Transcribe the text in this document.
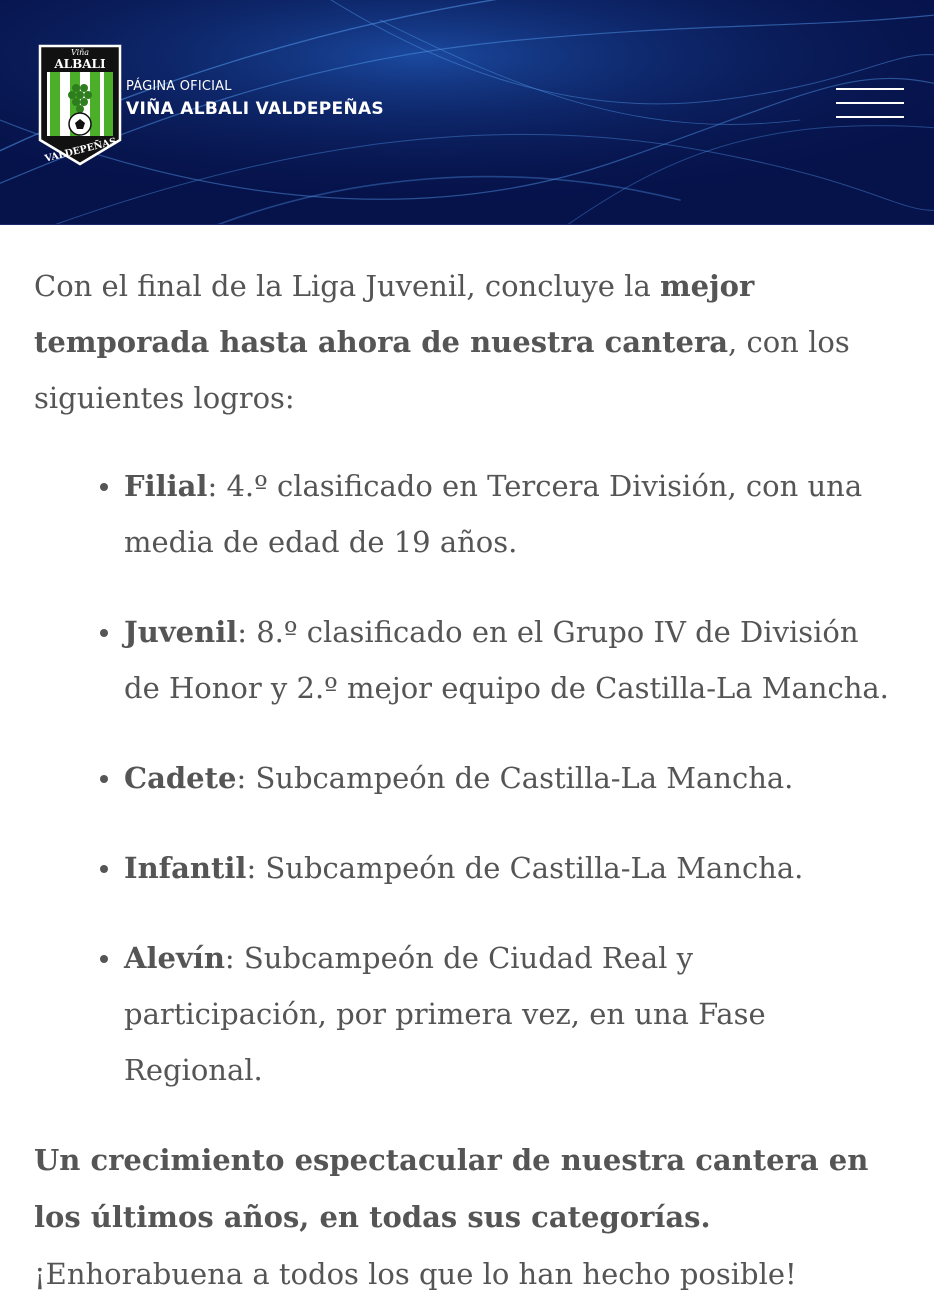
Viña
ALBALI
VALDEPEÑAS
PÁGINA OFICIAL
VIÑA ALBALI VALDEPEÑAS

Con el final de la Liga Juvenil, concluye la mejor temporada hasta ahora de nuestra cantera, con los siguientes logros:

Filial: 4.º clasificado en Tercera División, con una media de edad de 19 años.
Juvenil: 8.º clasificado en el Grupo IV de División de Honor y 2.º mejor equipo de Castilla-La Mancha.
Cadete: Subcampeón de Castilla-La Mancha.
Infantil: Subcampeón de Castilla-La Mancha.
Alevín: Subcampeón de Ciudad Real y participación, por primera vez, en una Fase Regional.

Un crecimiento espectacular de nuestra cantera en los últimos años, en todas sus categorías.

¡Enhorabuena a todos los que lo han hecho posible!
